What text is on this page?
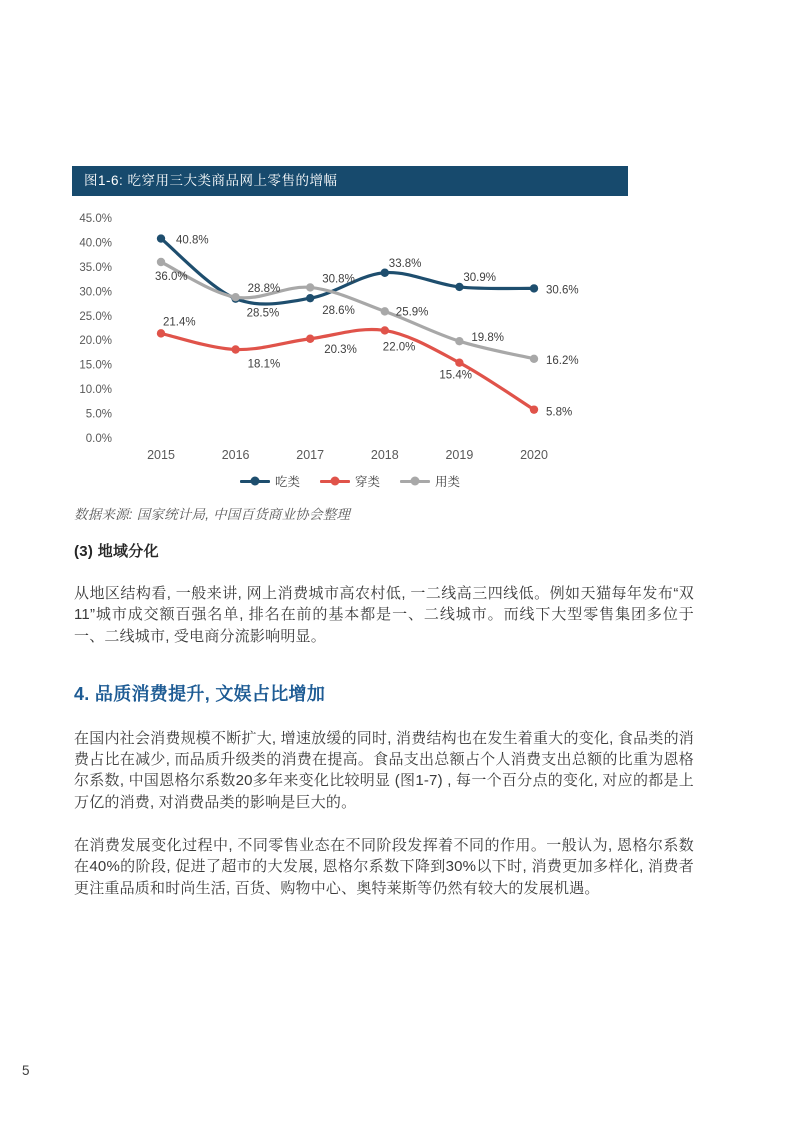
图1-6: 吃穿用三大类商品网上零售的增幅
45.0%
40.0%
35.0%
30.0%
25.0%
20.0%
15.0%
10.0%
5.0%
0.0%
2015	2016	2017	2018	2019	2020
40.8%
28.5%	28.6%
33.8%
30.9%
30.6%
21.4%
18.1%
20.3% 22.0%
15.4%
5.8%
36.0%
28.8%
30.8%
25.9%
19.8%
16.2%
吃类	穿类	用类
数据来源: 国家统计局, 中国百货商业协会整理
(3) 地域分化
从地区结构看, 一般来讲, 网上消费城市高农村低, 一二线高三四线低。例如天猫每年发布“双11”城市成交额百强名单, 排名在前的基本都是一、二线城市。而线下大型零售集团多位于一、二线城市, 受电商分流影响明显。
4. 品质消费提升, 文娱占比增加
在国内社会消费规模不断扩大, 增速放缓的同时, 消费结构也在发生着重大的变化, 食品类的消费占比在减少, 而品质升级类的消费在提高。食品支出总额占个人消费支出总额的比重为恩格尔系数, 中国恩格尔系数20多年来变化比较明显 (图1-7) , 每一个百分点的变化, 对应的都是上万亿的消费, 对消费品类的影响是巨大的。
在消费发展变化过程中, 不同零售业态在不同阶段发挥着不同的作用。一般认为, 恩格尔系数在40%的阶段, 促进了超市的大发展, 恩格尔系数下降到30%以下时, 消费更加多样化, 消费者更注重品质和时尚生活, 百货、购物中心、奥特莱斯等仍然有较大的发展机遇。
5
